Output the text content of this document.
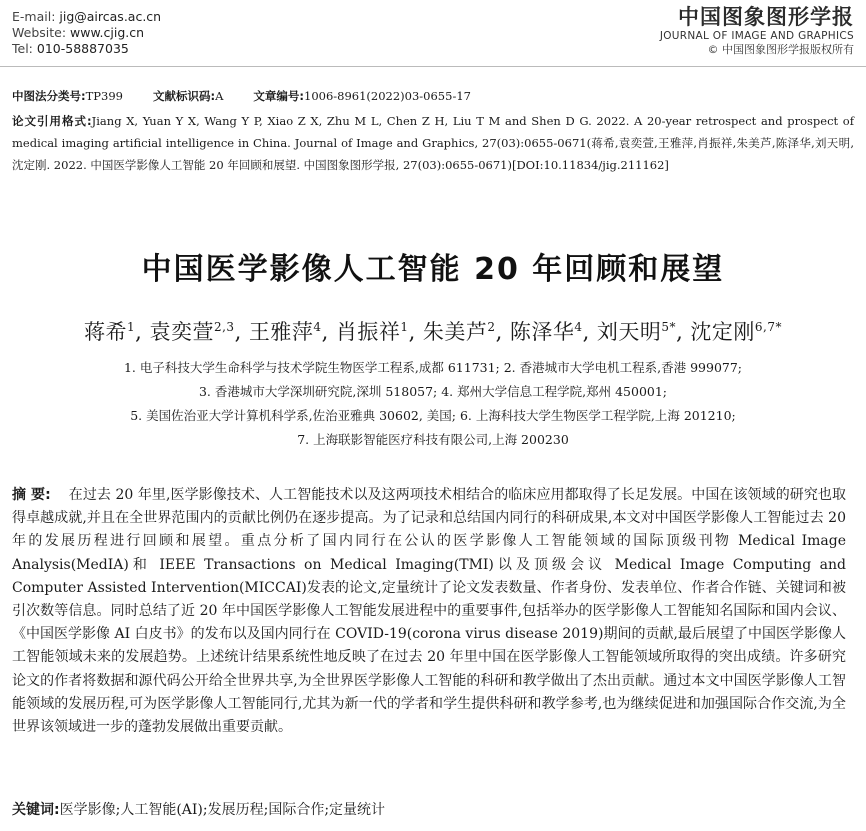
E-mail: jig@aircas.ac.cn
Website: www.cjig.cn
Tel: 010-58887035
中国图象图形学报
JOURNAL OF IMAGE AND GRAPHICS
© 中国图象图形学报版权所有
中图法分类号:TP399	文献标识码:A	文章编号:1006-8961(2022)03-0655-17
论文引用格式:Jiang X, Yuan Y X, Wang Y P, Xiao Z X, Zhu M L, Chen Z H, Liu T M and Shen D G. 2022. A 20-year retrospect and prospect of medical imaging artificial intelligence in China. Journal of Image and Graphics, 27(03):0655-0671(蒋希,袁奕萱,王雅萍,肖振祥,朱美芦,陈泽华,刘天明,沈定刚. 2022. 中国医学影像人工智能 20 年回顾和展望. 中国图象图形学报, 27(03):0655-0671)[DOI:10.11834/jig.211162]
中国医学影像人工智能 20 年回顾和展望
蒋希$^1$, 袁奕萱$^{2,3}$, 王雅萍$^4$, 肖振祥$^1$, 朱美芦$^2$, 陈泽华$^4$, 刘天明$^{5*}$, 沈定刚$^{6,7*}$
1. 电子科技大学生命科学与技术学院生物医学工程系,成都 611731; 2. 香港城市大学电机工程系,香港 999077;
3. 香港城市大学深圳研究院,深圳 518057; 4. 郑州大学信息工程学院,郑州 450001;
5. 美国佐治亚大学计算机科学系,佐治亚雅典 30602, 美国; 6. 上海科技大学生物医学工程学院,上海 201210;
7. 上海联影智能医疗科技有限公司,上海 200230
摘 要: 在过去 20 年里,医学影像技术、人工智能技术以及这两项技术相结合的临床应用都取得了长足发展。中国在该领域的研究也取得卓越成就,并且在全世界范围内的贡献比例仍在逐步提高。为了记录和总结国内同行的科研成果,本文对中国医学影像人工智能过去 20 年的发展历程进行回顾和展望。重点分析了国内同行在公认的医学影像人工智能领域的国际顶级刊物 Medical Image Analysis(MedIA)和 IEEE Transactions on Medical Imaging(TMI)以及顶级会议 Medical Image Computing and Computer Assisted Intervention(MICCAI)发表的论文,定量统计了论文发表数量、作者身份、发表单位、作者合作链、关键词和被引次数等信息。同时总结了近 20 年中国医学影像人工智能发展进程中的重要事件,包括举办的医学影像人工智能知名国际和国内会议、《中国医学影像 AI 白皮书》的发布以及国内同行在 COVID-19(corona virus disease 2019)期间的贡献,最后展望了中国医学影像人工智能领域未来的发展趋势。上述统计结果系统性地反映了在过去 20 年里中国在医学影像人工智能领域所取得的突出成绩。许多研究论文的作者将数据和源代码公开给全世界共享,为全世界医学影像人工智能的科研和教学做出了杰出贡献。通过本文中国医学影像人工智能领域的发展历程,可为医学影像人工智能同行,尤其为新一代的学者和学生提供科研和教学参考,也为继续促进和加强国际合作交流,为全世界该领域进一步的蓬勃发展做出重要贡献。
关键词:医学影像;人工智能(AI);发展历程;国际合作;定量统计
